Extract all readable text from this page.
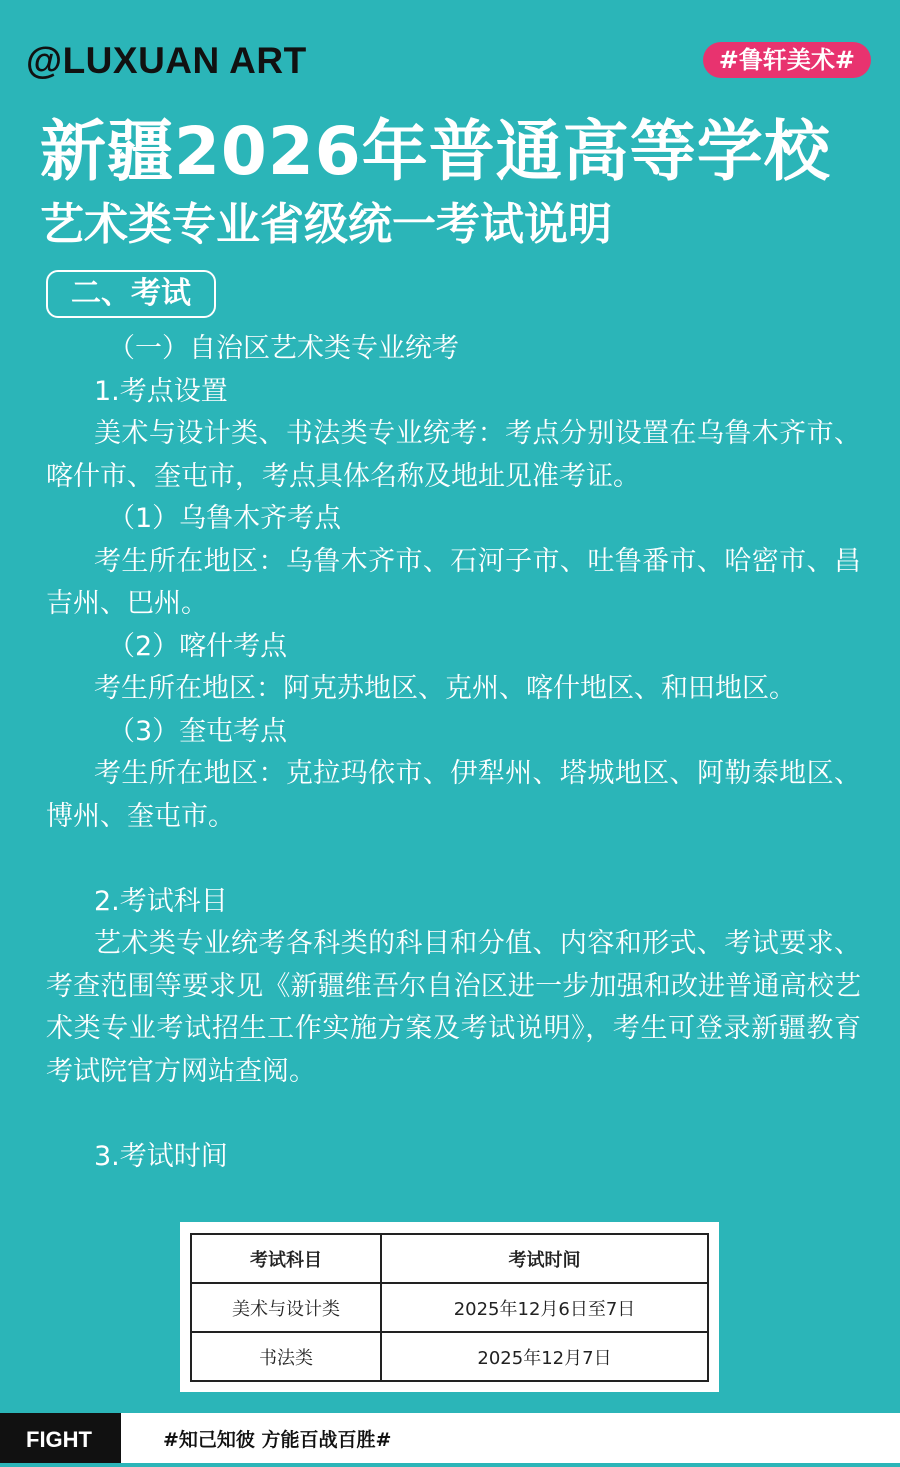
@LUXUAN ART	#鲁轩美术#
新疆2026年普通高等学校
艺术类专业省级统一考试说明
二、考试

（一）自治区艺术类专业统考

1.考点设置

美术与设计类、书法类专业统考：考点分别设置在乌鲁木齐市、喀什市、奎屯市，考点具体名称及地址见准考证。

（1）乌鲁木齐考点

考生所在地区：乌鲁木齐市、石河子市、吐鲁番市、哈密市、昌吉州、巴州。

（2）喀什考点

考生所在地区：阿克苏地区、克州、喀什地区、和田地区。

（3）奎屯考点

考生所在地区：克拉玛依市、伊犁州、塔城地区、阿勒泰地区、博州、奎屯市。

2.考试科目

艺术类专业统考各科类的科目和分值、内容和形式、考试要求、考查范围等要求见《新疆维吾尔自治区进一步加强和改进普通高校艺术类专业考试招生工作实施方案及考试说明》，考生可登录新疆教育考试院官方网站查阅。

3.考试时间

考试科目	考试时间
美术与设计类	2025年12月6日至7日
书法类	2025年12月7日
FIGHT	#知己知彼 方能百战百胜#
